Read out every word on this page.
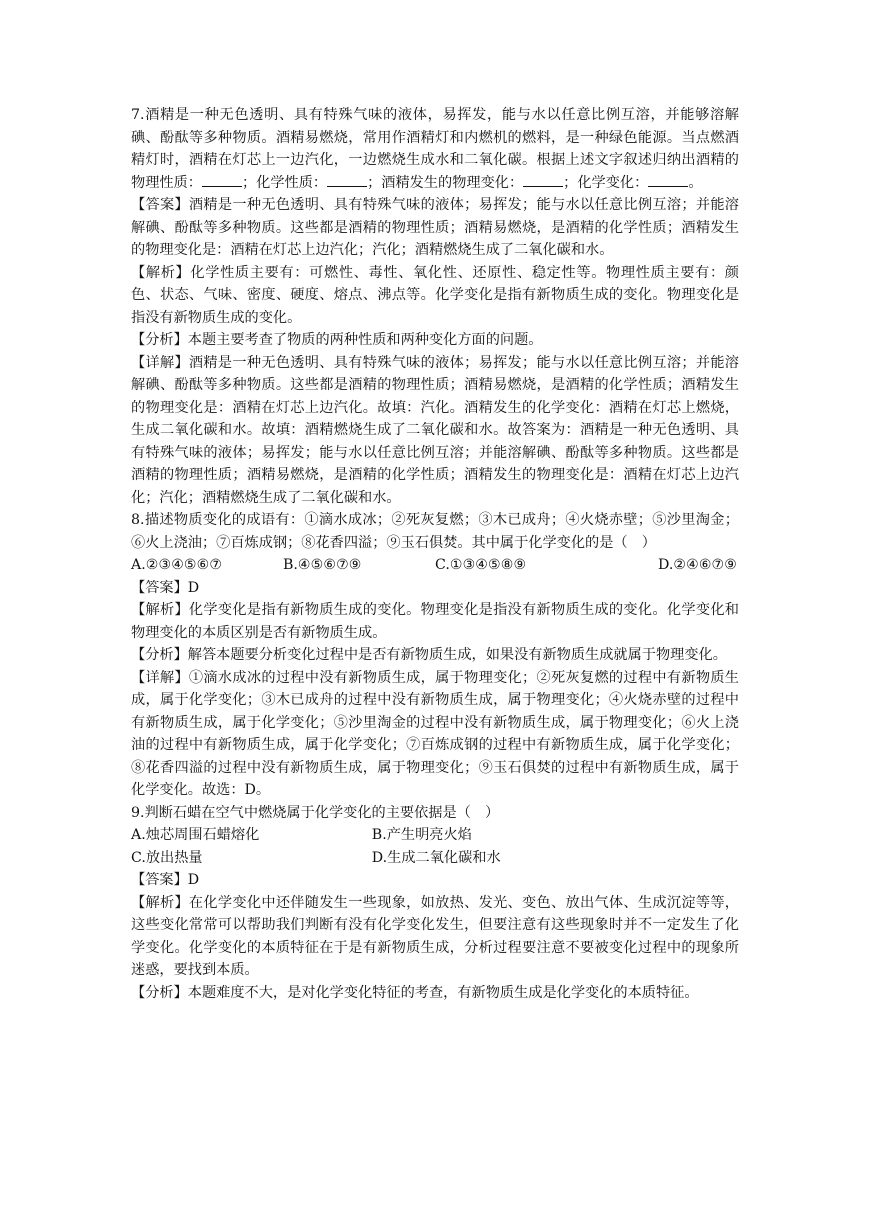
7.酒精是一种无色透明、具有特殊气味的液体，易挥发，能与水以任意比例互溶，并能够溶解碘、酚酞等多种物质。酒精易燃烧，常用作酒精灯和内燃机的燃料，是一种绿色能源。当点燃酒精灯时，酒精在灯芯上一边汽化，一边燃烧生成水和二氧化碳。根据上述文字叙述归纳出酒精的物理性质：	；化学性质：	；酒精发生的物理变化：	；化学变化：	。

【答案】酒精是一种无色透明、具有特殊气味的液体；易挥发；能与水以任意比例互溶；并能溶解碘、酚酞等多种物质。这些都是酒精的物理性质；酒精易燃烧，是酒精的化学性质；酒精发生的物理变化是：酒精在灯芯上边汽化；汽化；酒精燃烧生成了二氧化碳和水。

【解析】化学性质主要有：可燃性、毒性、氧化性、还原性、稳定性等。物理性质主要有：颜色、状态、气味、密度、硬度、熔点、沸点等。化学变化是指有新物质生成的变化。物理变化是指没有新物质生成的变化。

【分析】本题主要考查了物质的两种性质和两种变化方面的问题。

【详解】酒精是一种无色透明、具有特殊气味的液体；易挥发；能与水以任意比例互溶；并能溶解碘、酚酞等多种物质。这些都是酒精的物理性质；酒精易燃烧，是酒精的化学性质；酒精发生的物理变化是：酒精在灯芯上边汽化。故填：汽化。酒精发生的化学变化：酒精在灯芯上燃烧，生成二氧化碳和水。故填：酒精燃烧生成了二氧化碳和水。故答案为：酒精是一种无色透明、具有特殊气味的液体；易挥发；能与水以任意比例互溶；并能溶解碘、酚酞等多种物质。这些都是酒精的物理性质；酒精易燃烧，是酒精的化学性质；酒精发生的物理变化是：酒精在灯芯上边汽化；汽化；酒精燃烧生成了二氧化碳和水。

8.描述物质变化的成语有：①滴水成冰；②死灰复燃；③木已成舟；④火烧赤壁；⑤沙里淘金；⑥火上浇油；⑦百炼成钢；⑧花香四溢；⑨玉石俱焚。其中属于化学变化的是（　）

A.②③④⑤⑥⑦	B.④⑤⑥⑦⑨	C.①③④⑤⑧⑨	D.②④⑥⑦⑨

【答案】D

【解析】化学变化是指有新物质生成的变化。物理变化是指没有新物质生成的变化。化学变化和物理变化的本质区别是否有新物质生成。

【分析】解答本题要分析变化过程中是否有新物质生成，如果没有新物质生成就属于物理变化。

【详解】①滴水成冰的过程中没有新物质生成，属于物理变化；②死灰复燃的过程中有新物质生成，属于化学变化；③木已成舟的过程中没有新物质生成，属于物理变化；④火烧赤壁的过程中有新物质生成，属于化学变化；⑤沙里淘金的过程中没有新物质生成，属于物理变化；⑥火上浇油的过程中有新物质生成，属于化学变化；⑦百炼成钢的过程中有新物质生成，属于化学变化；⑧花香四溢的过程中没有新物质生成，属于物理变化；⑨玉石俱焚的过程中有新物质生成，属于化学变化。故选：D。

9.判断石蜡在空气中燃烧属于化学变化的主要依据是（　）

A.烛芯周围石蜡熔化	B.产生明亮火焰
C.放出热量	D.生成二氧化碳和水

【答案】D

【解析】在化学变化中还伴随发生一些现象，如放热、发光、变色、放出气体、生成沉淀等等，这些变化常常可以帮助我们判断有没有化学变化发生，但要注意有这些现象时并不一定发生了化学变化。化学变化的本质特征在于是有新物质生成，分析过程要注意不要被变化过程中的现象所迷惑，要找到本质。

【分析】本题难度不大，是对化学变化特征的考查，有新物质生成是化学变化的本质特征。
